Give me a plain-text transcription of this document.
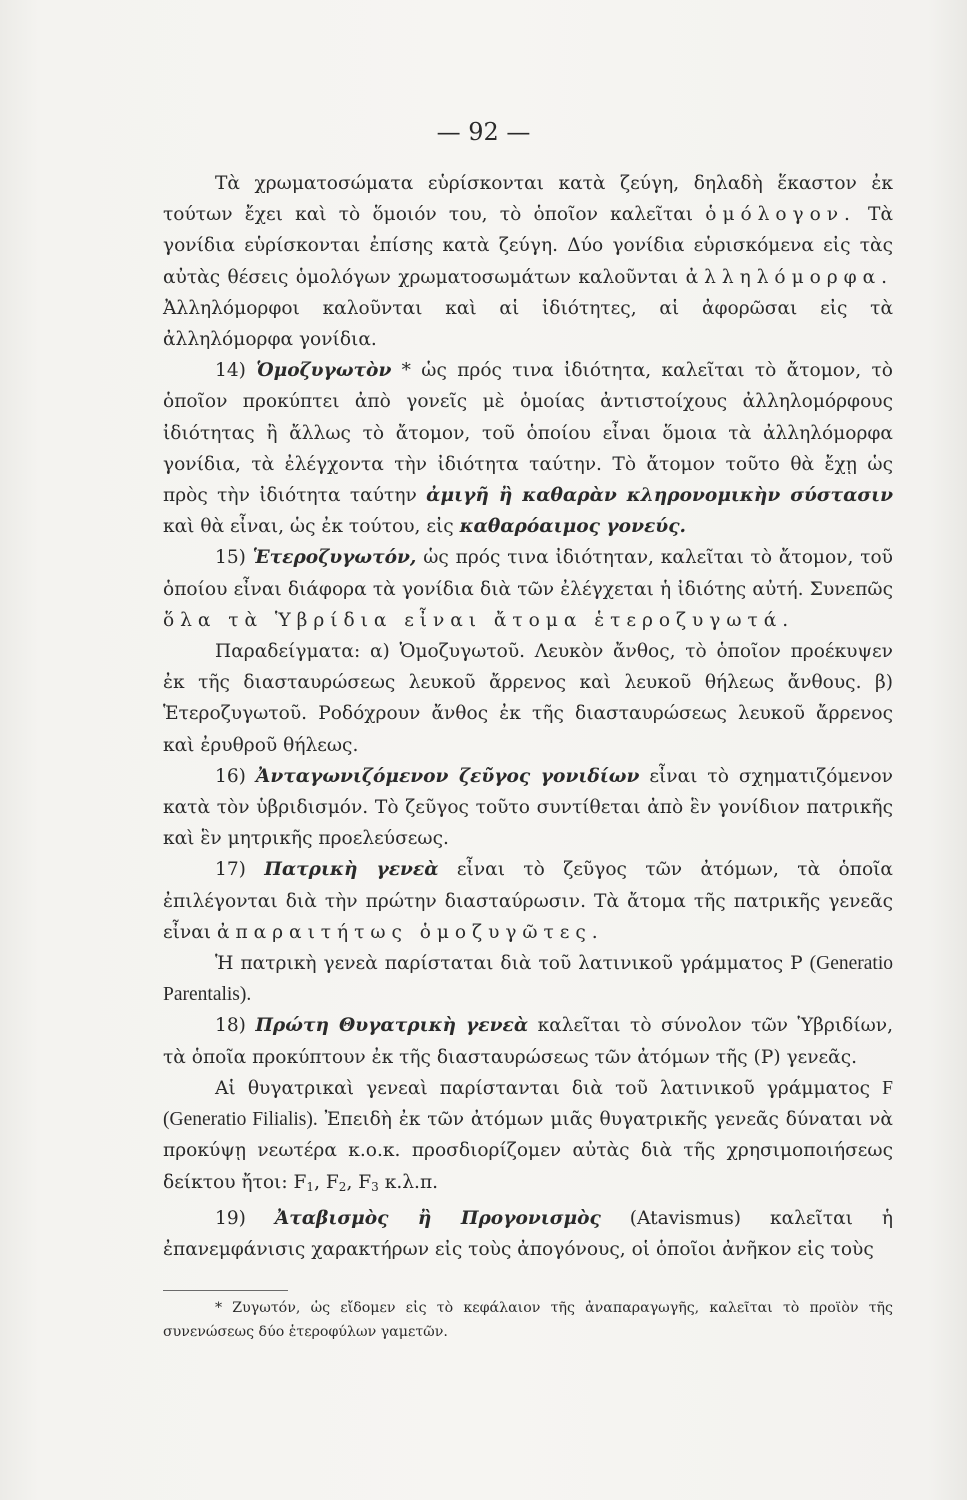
— 92 —

Τὰ χρωματοσώματα εὑρίσκονται κατὰ ζεύγη, δηλαδὴ ἕκαστον ἐκ τούτων ἔχει καὶ τὸ ὅμοιόν του, τὸ ὁποῖον καλεῖται ὁμόλογον. Τὰ γονίδια εὑρίσκονται ἐπίσης κατὰ ζεύγη. Δύο γονίδια εὑρισκόμενα εἰς τὰς αὐτὰς θέσεις ὁμολόγων χρωματοσωμάτων καλοῦνται ἀλληλόμορφα. Ἀλληλόμορφοι καλοῦνται καὶ αἱ ἰδιότητες, αἱ ἀφορῶσαι εἰς τὰ ἀλληλόμορφα γονίδια.

14) Ὁμοζυγωτὸν * ὡς πρός τινα ἰδιότητα, καλεῖται τὸ ἄτομον, τὸ ὁποῖον προκύπτει ἀπὸ γονεῖς μὲ ὁμοίας ἀντιστοίχους ἀλληλομόρφους ἰδιότητας ἢ ἄλλως τὸ ἄτομον, τοῦ ὁποίου εἶναι ὅμοια τὰ ἀλληλόμορφα γονίδια, τὰ ἐλέγχοντα τὴν ἰδιότητα ταύτην. Τὸ ἄτομον τοῦτο θὰ ἔχῃ ὡς πρὸς τὴν ἰδιότητα ταύτην ἀμιγῆ ἢ καθαρὰν κληρονομικὴν σύστασιν καὶ θὰ εἶναι, ὡς ἐκ τούτου, εἰς καθαρόαιμος γονεύς.

15) Ἑτεροζυγωτόν, ὡς πρός τινα ἰδιότηταν, καλεῖται τὸ ἄτομον, τοῦ ὁποίου εἶναι διάφορα τὰ γονίδια διὰ τῶν ἐλέγχεται ἡ ἰδιότης αὐτή. Συνεπῶς ὅλα τὰ Ὑβρίδια εἶναι ἄτομα ἑτεροζυγωτά.

Παραδείγματα: α) Ὁμοζυγωτοῦ. Λευκὸν ἄνθος, τὸ ὁποῖον προέκυψεν ἐκ τῆς διασταυρώσεως λευκοῦ ἄρρενος καὶ λευκοῦ θήλεως ἄνθους. β) Ἑτεροζυγωτοῦ. Ροδόχρουν ἄνθος ἐκ τῆς διασταυρώσεως λευκοῦ ἄρρενος καὶ ἐρυθροῦ θήλεως.

16) Ἀνταγωνιζόμενον ζεῦγος γονιδίων εἶναι τὸ σχηματιζόμενον κατὰ τὸν ὑβριδισμόν. Τὸ ζεῦγος τοῦτο συντίθεται ἀπὸ ἓν γονίδιον πατρικῆς καὶ ἓν μητρικῆς προελεύσεως.

17) Πατρικὴ γενεὰ εἶναι τὸ ζεῦγος τῶν ἀτόμων, τὰ ὁποῖα ἐπιλέγονται διὰ τὴν πρώτην διασταύρωσιν. Τὰ ἄτομα τῆς πατρικῆς γενεᾶς εἶναι ἀπαραιτήτως ὁμοζυγῶτες.

Ἡ πατρικὴ γενεὰ παρίσταται διὰ τοῦ λατινικοῦ γράμματος P (Generatio Parentalis).

18) Πρώτη Θυγατρικὴ γενεὰ καλεῖται τὸ σύνολον τῶν Ὑβριδίων, τὰ ὁποῖα προκύπτουν ἐκ τῆς διασταυρώσεως τῶν ἀτόμων τῆς (P) γενεᾶς.

Αἱ θυγατρικαὶ γενεαὶ παρίστανται διὰ τοῦ λατινικοῦ γράμματος F (Generatio Filialis). Ἐπειδὴ ἐκ τῶν ἀτόμων μιᾶς θυγατρικῆς γενεᾶς δύναται νὰ προκύψῃ νεωτέρα κ.ο.κ. προσδιορίζομεν αὐτὰς διὰ τῆς χρησιμοποιήσεως δείκτου ἤτοι: $F_1$, $F_2$, $F_3$ κ.λ.π.

19) Ἀταβισμὸς ἢ Προγονισμὸς (Atavismus) καλεῖται ἡ ἐπανεμφάνισις χαρακτήρων εἰς τοὺς ἀπογόνους, οἱ ὁποῖοι ἀνῆκον εἰς τοὺς

* Ζυγωτόν, ὡς εἴδομεν εἰς τὸ κεφάλαιον τῆς ἀναπαραγωγῆς, καλεῖται τὸ προϊὸν τῆς συνενώσεως δύο ἑτεροφύλων γαμετῶν.
